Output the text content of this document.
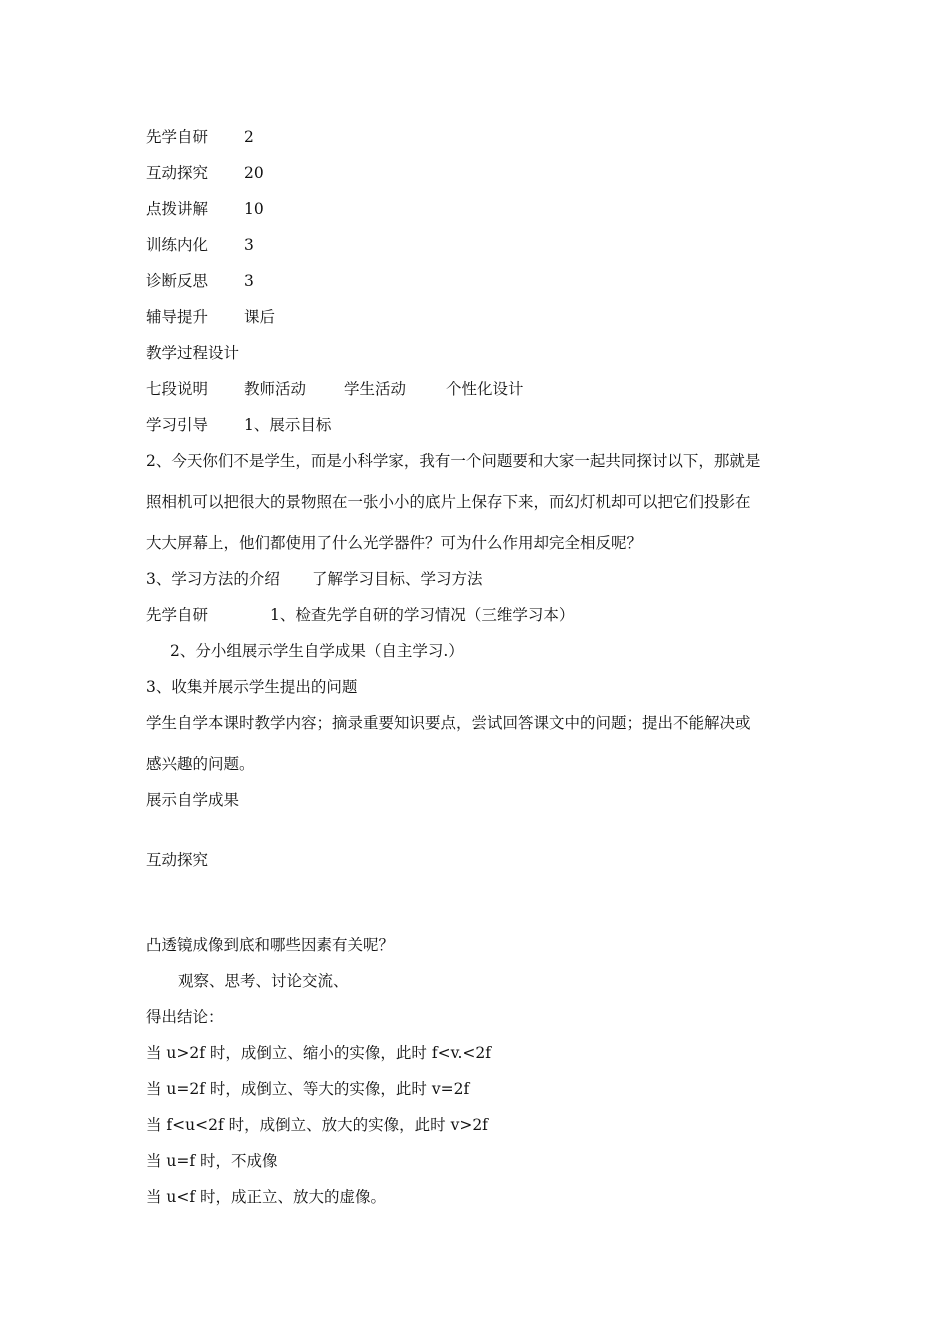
先学自研 2
互动探究 20
点拨讲解 10
训练内化 3
诊断反思 3
辅导提升 课后
教学过程设计
七段说明 教师活动 学生活动	个性化设计
学习引导 1、展示目标
2、今天你们不是学生，而是小科学家，我有一个问题要和大家一起共同探讨以下，那就是
照相机可以把很大的景物照在一张小小的底片上保存下来，而幻灯机却可以把它们投影在
大大屏幕上，他们都使用了什么光学器件？可为什么作用却完全相反呢？
3、学习方法的介绍 了解学习目标、学习方法
先学自研	1、检查先学自研的学习情况（三维学习本）
2、分小组展示学生自学成果（自主学习.）
3、收集并展示学生提出的问题
学生自学本课时教学内容；摘录重要知识要点，尝试回答课文中的问题；提出不能解决或
感兴趣的问题。
展示自学成果
互动探究
凸透镜成像到底和哪些因素有关呢？
观察、思考、讨论交流、
得出结论：
当 u>2f 时，成倒立、缩小的实像，此时 f<v.<2f
当 u=2f 时，成倒立、等大的实像，此时 v=2f
当 f<u<2f 时，成倒立、放大的实像，此时 v>2f
当 u=f 时，不成像
当 u<f 时，成正立、放大的虚像。
